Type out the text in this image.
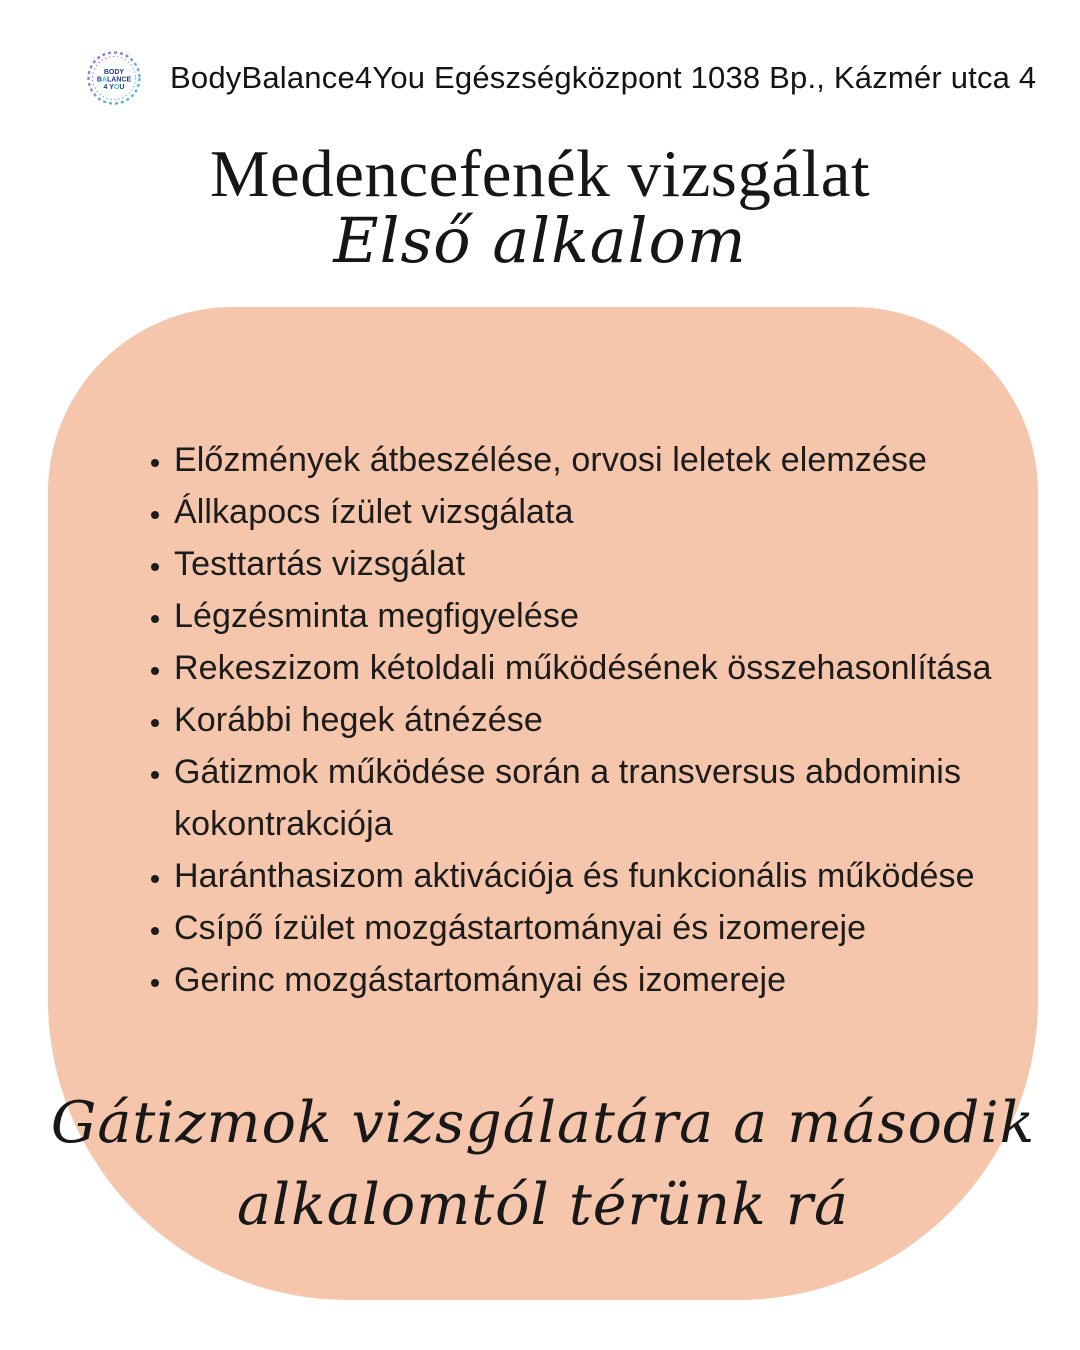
BODY
BALANCE
4 YOU BodyBalance4You Egészségközpont 1038 Bp., Kázmér utca 4
Medencefenék vizsgálat
Első alkalom
• Előzmények átbeszélése, orvosi leletek elemzése
• Állkapocs ízület vizsgálata
• Testtartás vizsgálat
• Légzésminta megfigyelése
• Rekeszizom kétoldali működésének összehasonlítása
• Korábbi hegek átnézése
• Gátizmok működése során a transversus abdominis kokontrakciója
• Haránthasizom aktivációja és funkcionális működése
• Csípő ízület mozgástartományai és izomereje
• Gerinc mozgástartományai és izomereje
Gátizmok vizsgálatára a második
alkalomtól térünk rá
